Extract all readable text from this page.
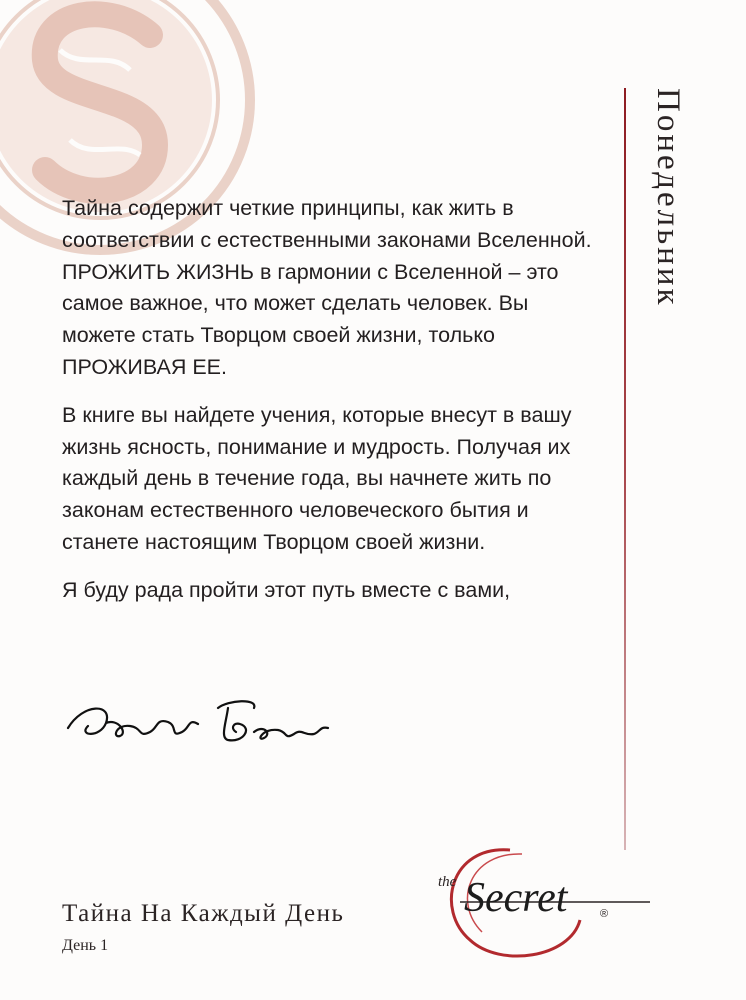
Понедельник

Тайна содержит четкие принципы, как жить в соответствии с естественными законами Вселенной. ПРОЖИТЬ ЖИЗНЬ в гармонии с Вселенной – это самое важное, что может сделать человек. Вы можете стать Творцом своей жизни, только ПРОЖИВАЯ ЕЕ.

В книге вы найдете учения, которые внесут в вашу жизнь ясность, понимание и мудрость. Получая их каждый день в течение года, вы начнете жить по законам естественного человеческого бытия и станете настоящим Творцом своей жизни.

Я буду рада пройти этот путь вместе с вами,

Тайна На Каждый День
День 1
the Secret	®
